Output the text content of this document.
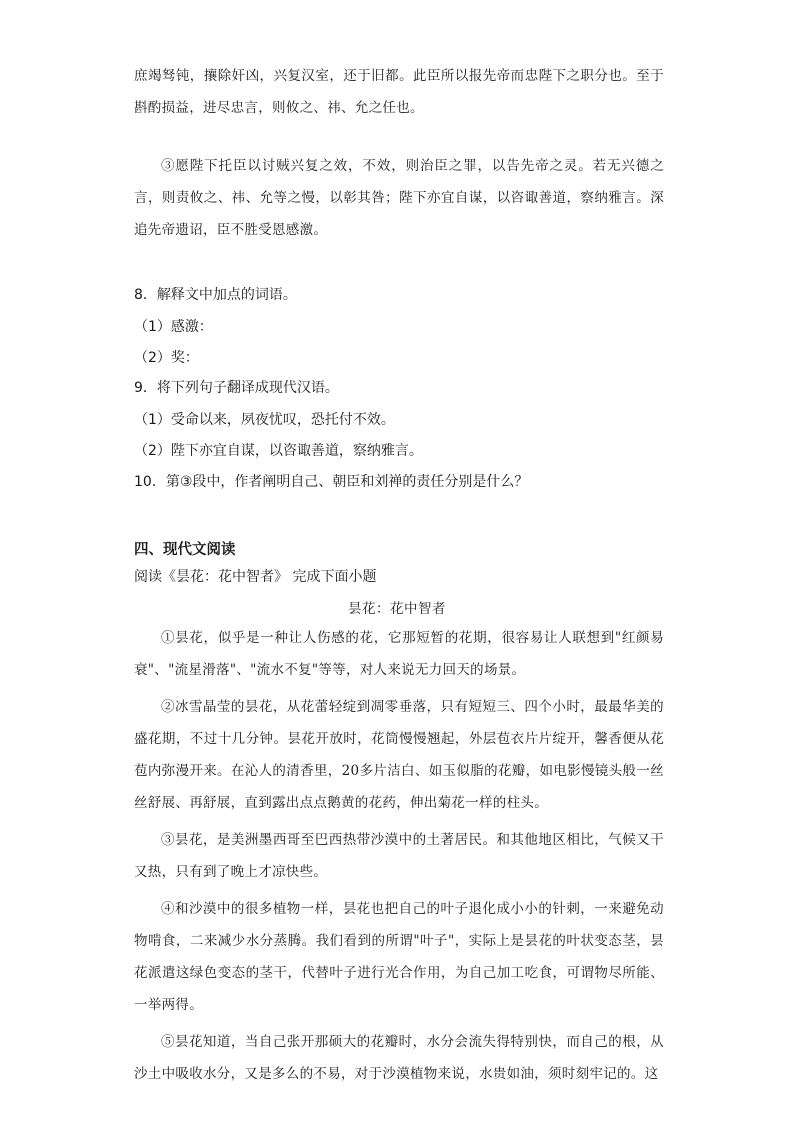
庶竭驽钝，攘除奸凶，兴复汉室，还于旧都。此臣所以报先帝而忠陛下之职分也。至于斟酌损益，进尽忠言，则攸之、祎、允之任也。

③愿陛下托臣以讨贼兴复之效，不效，则治臣之罪，以告先帝之灵。若无兴德之言，则责攸之、祎、允等之慢，以彰其咎；陛下亦宜自谋，以咨诹善道，察纳雅言。深追先帝遗诏，臣不胜受恩感激。

8．解释文中加点的词语。
（1）感激：
（2）奖：
9．将下列句子翻译成现代汉语。
（1）受命以来，夙夜忧叹，恐托付不效。
（2）陛下亦宜自谋，以咨诹善道，察纳雅言。
10．第③段中，作者阐明自己、朝臣和刘禅的责任分别是什么？
四、现代文阅读
阅读《昙花：花中智者》 完成下面小题
昙花：花中智者

①昙花，似乎是一种让人伤感的花，它那短暂的花期，很容易让人联想到"红颜易衰"、"流星滑落"、"流水不复"等等，对人来说无力回天的场景。

②冰雪晶莹的昙花，从花蕾轻绽到凋零垂落，只有短短三、四个小时，最最华美的盛花期，不过十几分钟。昙花开放时，花筒慢慢翘起，外层苞衣片片绽开，馨香便从花苞内弥漫开来。在沁人的清香里，20多片洁白、如玉似脂的花瓣，如电影慢镜头般一丝丝舒展、再舒展，直到露出点点鹅黄的花药，伸出菊花一样的柱头。

③昙花，是美洲墨西哥至巴西热带沙漠中的土著居民。和其他地区相比，气候又干又热，只有到了晚上才凉快些。

④和沙漠中的很多植物一样，昙花也把自己的叶子退化成小小的针刺，一来避免动物啃食，二来减少水分蒸腾。我们看到的所谓"叶子"，实际上是昙花的叶状变态茎，昙花派遣这绿色变态的茎干，代替叶子进行光合作用，为自己加工吃食，可谓物尽所能、一举两得。

⑤昙花知道，当自己张开那硕大的花瓣时，水分会流失得特别快，而自己的根，从沙土中吸收水分，又是多么的不易，对于沙漠植物来说，水贵如油，须时刻牢记的。这
